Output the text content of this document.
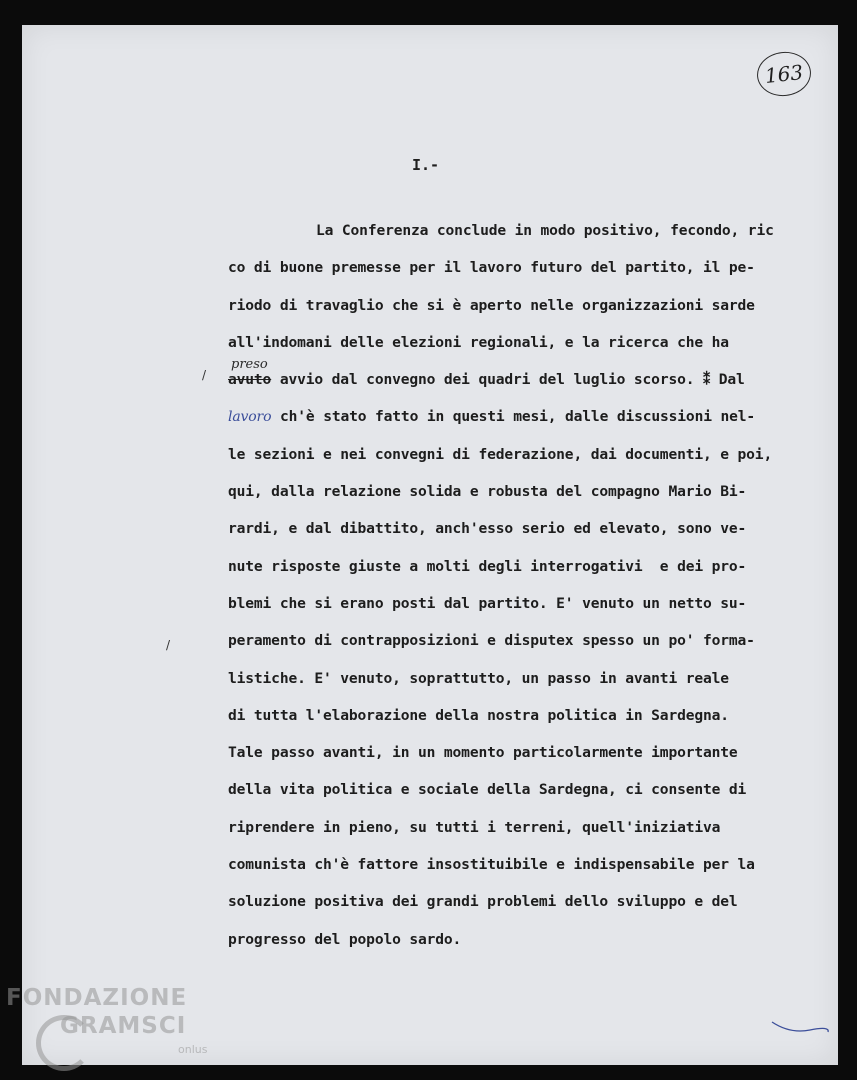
163
I.-
preso
/
/
La Conferenza conclude in modo positivo, fecondo, ric
co di buone premesse per il lavoro futuro del partito, il pe-
riodo di travaglio che si è aperto nelle organizzazioni sarde
all'indomani delle elezioni regionali, e la ricerca che ha
avuto avvio dal convegno dei quadri del luglio scorso. ⁑ Dal
lavoro ch'è stato fatto in questi mesi, dalle discussioni nel-
le sezioni e nei convegni di federazione, dai documenti, e poi,
qui, dalla relazione solida e robusta del compagno Mario Bi-
rardi, e dal dibattito, anch'esso serio ed elevato, sono ve-
nute risposte giuste a molti degli interrogativi  e dei pro-
blemi che si erano posti dal partito. E' venuto un netto su-
peramento di contrapposizioni e disputex spesso un po' forma-
listiche. E' venuto, soprattutto, un passo in avanti reale
di tutta l'elaborazione della nostra politica in Sardegna.
Tale passo avanti, in un momento particolarmente importante
della vita politica e sociale della Sardegna, ci consente di
riprendere in pieno, su tutti i terreni, quell'iniziativa
comunista ch'è fattore insostituibile e indispensabile per la
soluzione positiva dei grandi problemi dello sviluppo e del
progresso del popolo sardo.
FONDAZIONE
GRAMSCI
onlus
